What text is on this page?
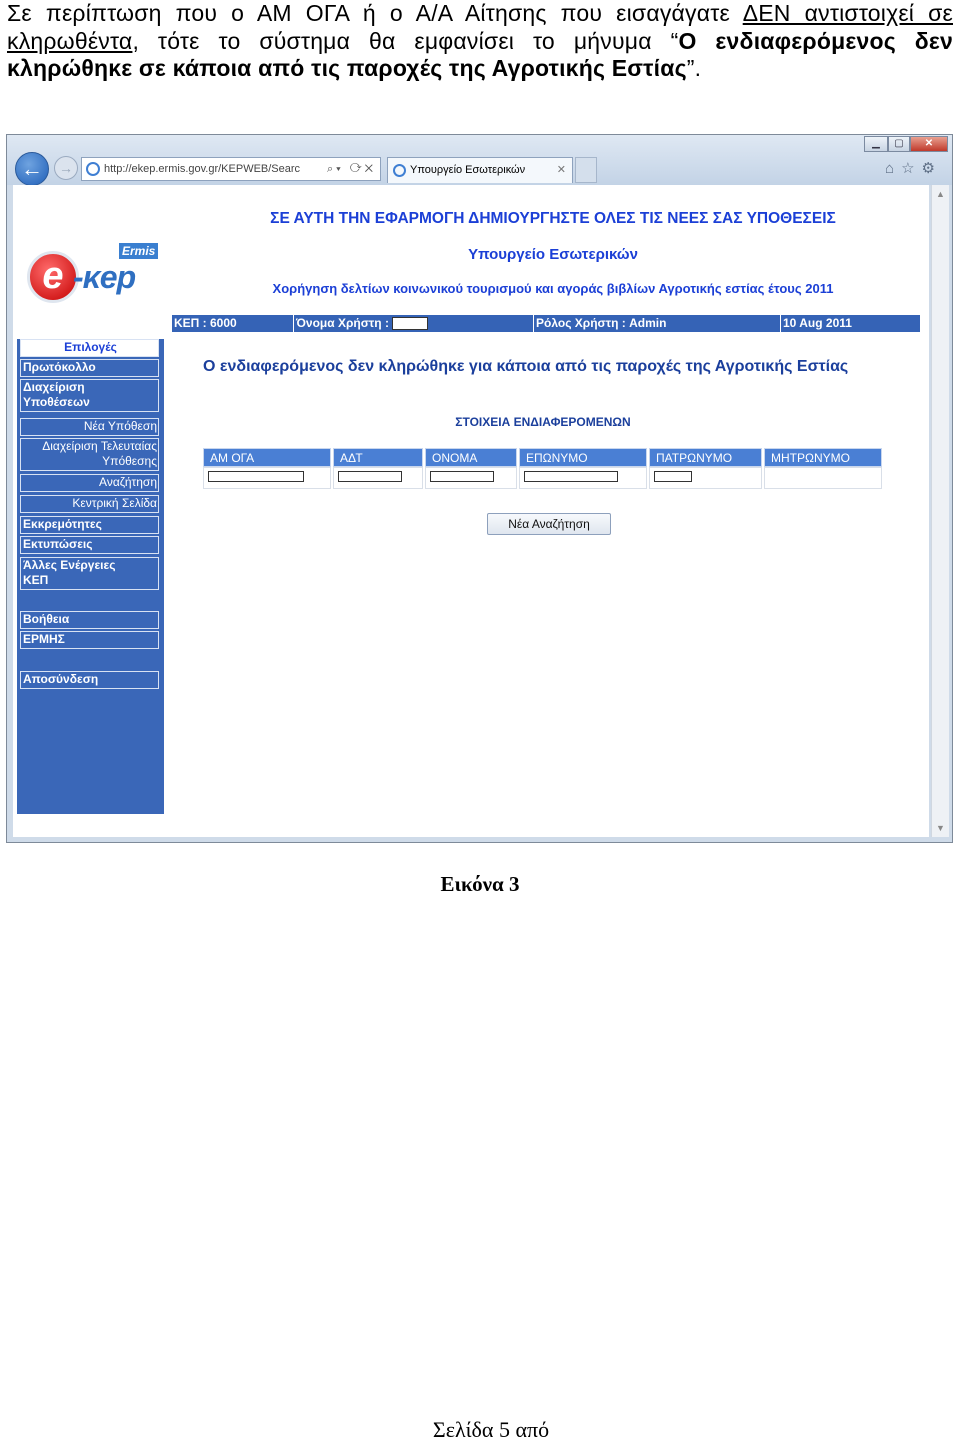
Σε περίπτωση που ο ΑΜ ΟΓΑ ή ο Α/Α Αίτησης που εισαγάγατε ΔΕΝ αντιστοιχεί σε κληρωθέντα, τότε το σύστημα θα εμφανίσει το μήνυμα “Ο ενδιαφερόμενος δεν κληρώθηκε σε κάποια από τις παροχές της Αγροτικής Εστίας”.
←	→	http://ekep.ermis.gov.gr/KEPWEB/Searc ⌕▾ ⟳✕	Υπουργείο Εσωτερικών	✕
▁	▢	✕
⌂☆⚙
e -κep
Ermis
ΣΕ ΑΥΤΗ ΤΗΝ ΕΦΑΡΜΟΓΗ ΔΗΜΙΟΥΡΓΗΣΤΕ ΟΛΕΣ ΤΙΣ ΝΕΕΣ ΣΑΣ ΥΠΟΘΕΣΕΙΣ
Υπουργείο Εσωτερικών
Χορήγηση δελτίων κοινωνικού τουρισμού και αγοράς βιβλίων Αγροτικής εστίας έτους 2011
ΚΕΠ : 6000	Όνομα Χρήστη :	Ρόλος Χρήστη : Admin	10 Aug 2011
Επιλογές
Πρωτόκολλο
Διαχείριση
Υποθέσεων
Νέα Υπόθεση
Διαχείριση Τελευταίας
Υπόθεσης
Αναζήτηση
Κεντρική Σελίδα
Εκκρεμότητες
Εκτυπώσεις
Άλλες Ενέργειες
ΚΕΠ
Βοήθεια
ΕΡΜΗΣ
Αποσύνδεση
Ο ενδιαφερόμενος δεν κληρώθηκε για κάποια από τις παροχές της Αγροτικής Εστίας
ΣΤΟΙΧΕΙΑ ΕΝΔΙΑΦΕΡΟΜΕΝΩΝ
ΑΜ ΟΓΑ	ΑΔΤ	ΟΝΟΜΑ	ΕΠΩΝΥΜΟ	ΠΑΤΡΩΝΥΜΟ	ΜΗΤΡΩΝΥΜΟ
Νέα Αναζήτηση
▲
▼
Εικόνα 3
Σελίδα 5 από
